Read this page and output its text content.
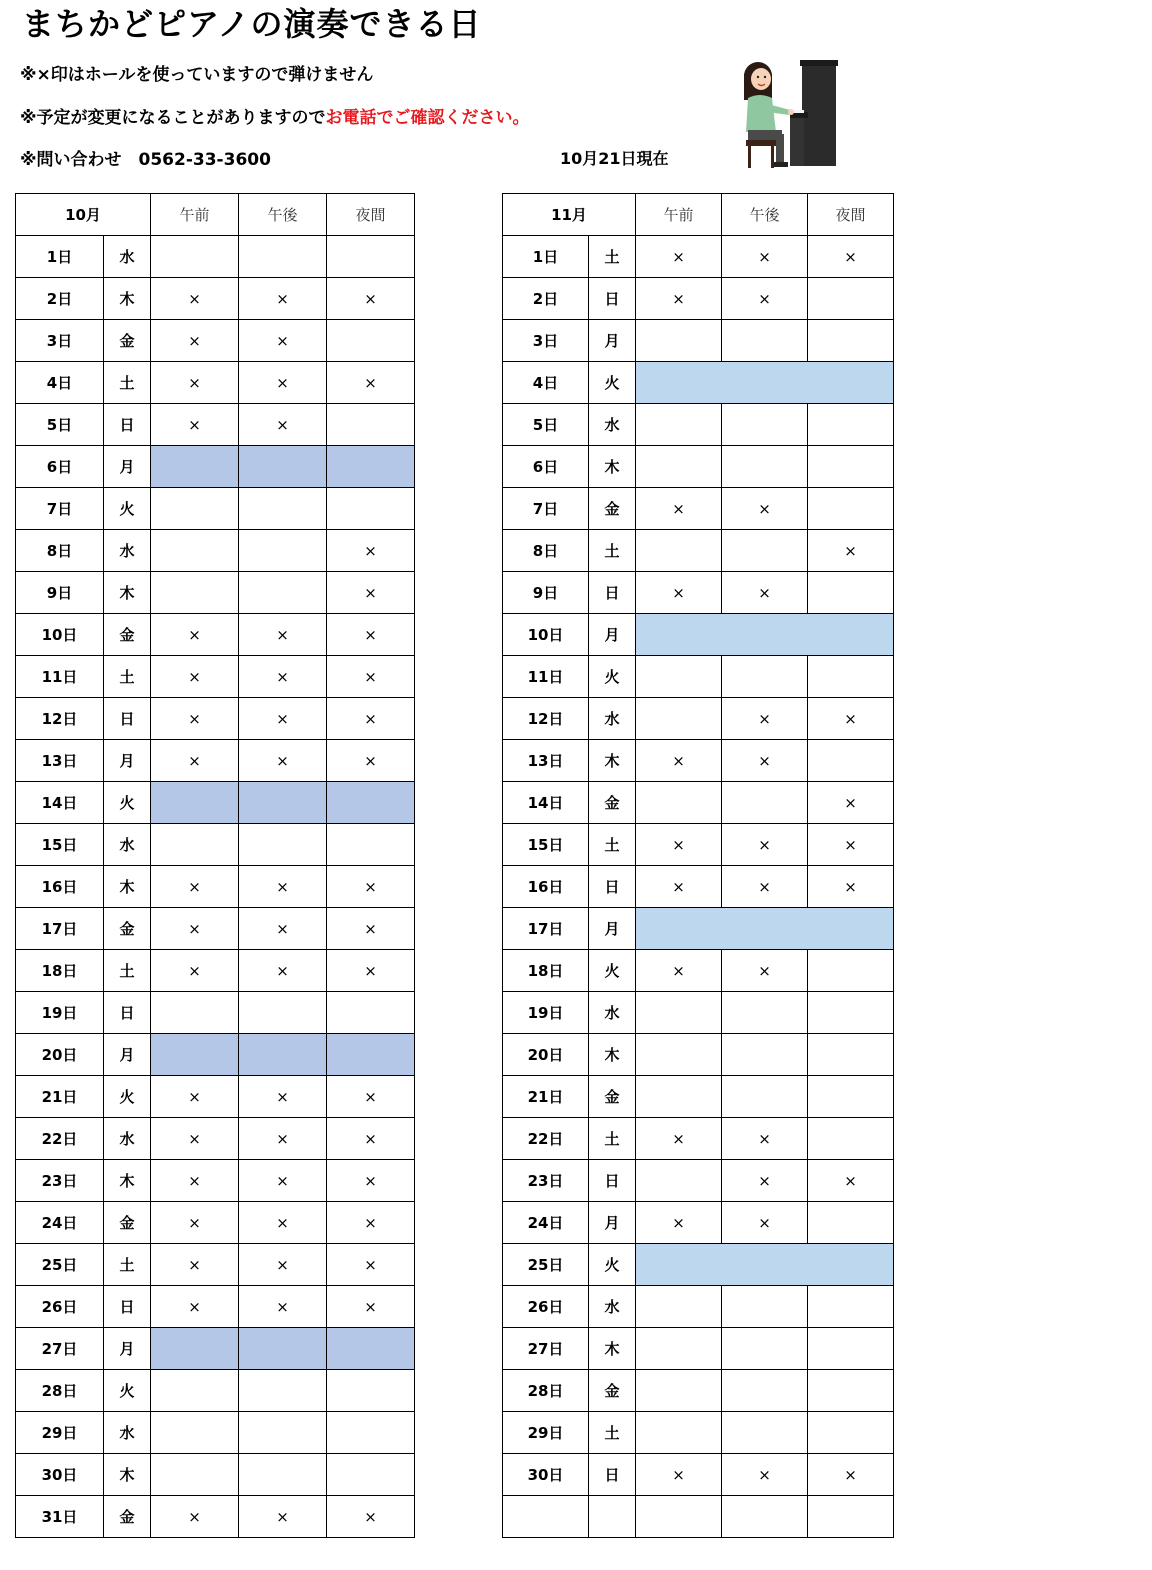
まちかどピアノの演奏できる日
※×印はホールを使っていますので弾けません
※予定が変更になることがありますのでお電話でご確認ください。
※問い合わせ　0562-33-3600	10月21日現在
10月		午前	午後	夜間
1日	水			
2日	木	×	×	×
3日	金	×	×	
4日	土	×	×	×
5日	日	×	×	
6日	月			
7日	火			
8日	水			×
9日	木			×
10日	金	×	×	×
11日	土	×	×	×
12日	日	×	×	×
13日	月	×	×	×
14日	火			
15日	水			
16日	木	×	×	×
17日	金	×	×	×
18日	土	×	×	×
19日	日			
20日	月			
21日	火	×	×	×
22日	水	×	×	×
23日	木	×	×	×
24日	金	×	×	×
25日	土	×	×	×
26日	日	×	×	×
27日	月			
28日	火			
29日	水			
30日	木			
31日	金	×	×	×
11月		午前	午後	夜間
1日	土	×	×	×
2日	日	×	×	
3日	月			
4日	火			
5日	水			
6日	木			
7日	金	×	×	
8日	土			×
9日	日	×	×	
10日	月			
11日	火			
12日	水		×	×
13日	木	×	×	
14日	金			×
15日	土	×	×	×
16日	日	×	×	×
17日	月			
18日	火	×	×	
19日	水			
20日	木			
21日	金			
22日	土	×	×	
23日	日		×	×
24日	月	×	×	
25日	火			
26日	水			
27日	木			
28日	金			
29日	土			
30日	日	×	×	×
